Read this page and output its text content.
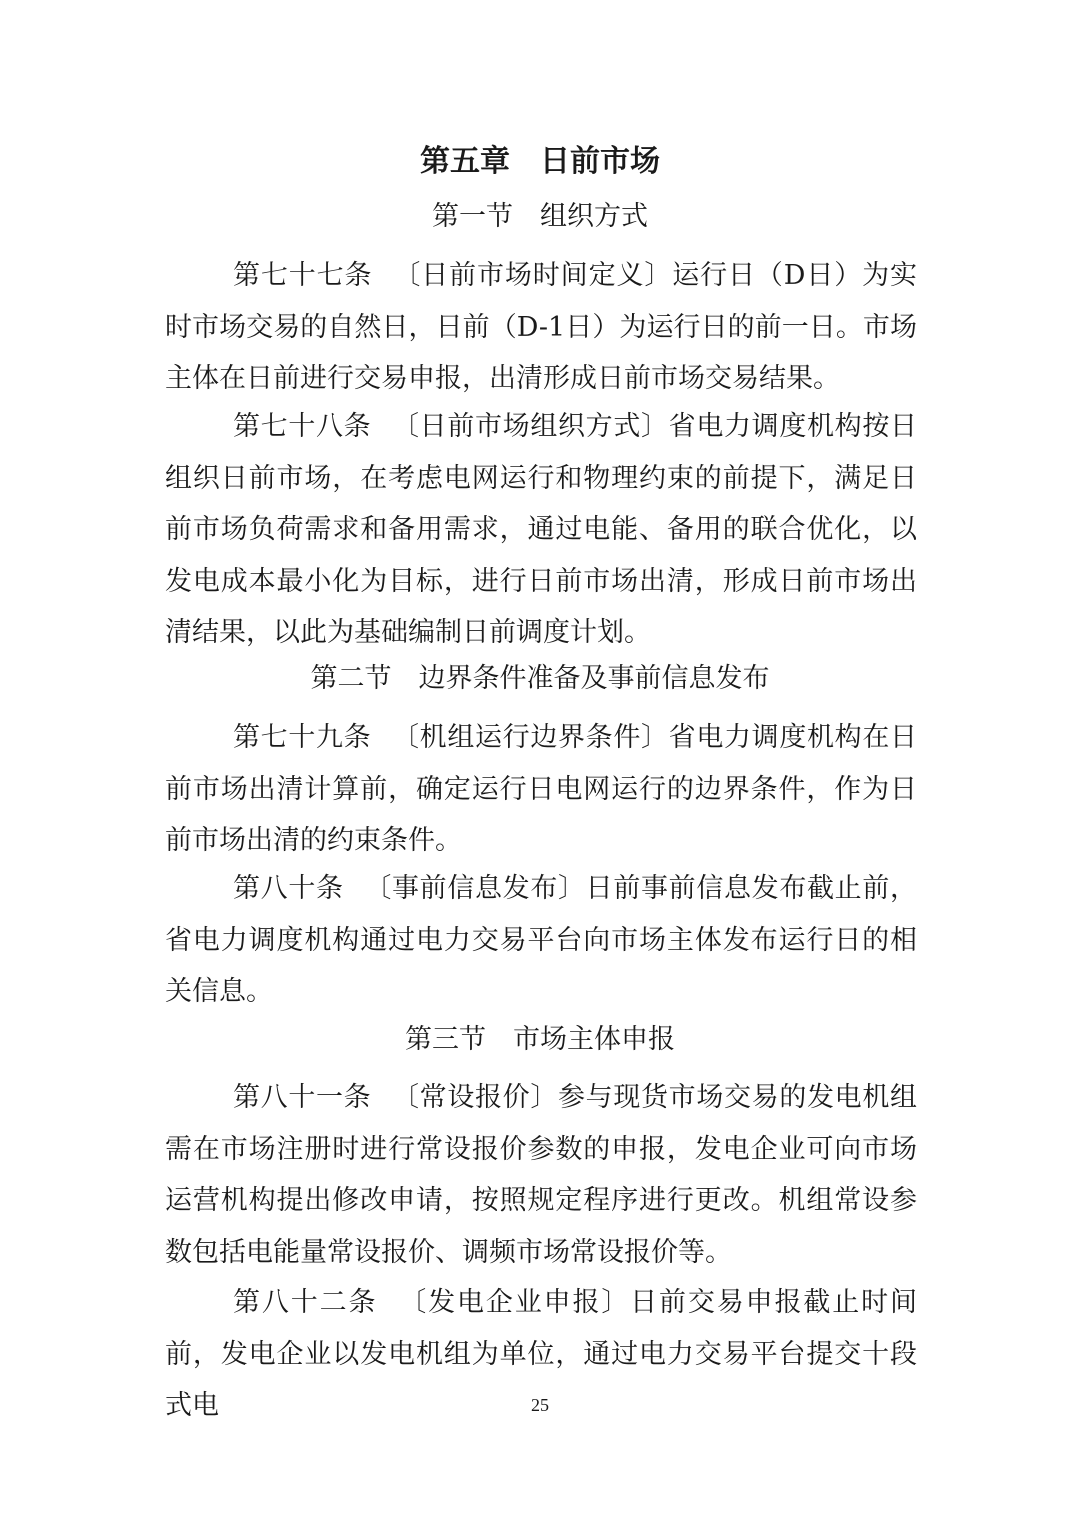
第五章　日前市场
第一节　组织方式

第七十七条 〔日前市场时间定义〕运行日（D日）为实时市场交易的自然日，日前（D-1日）为运行日的前一日。市场主体在日前进行交易申报，出清形成日前市场交易结果。

第七十八条 〔日前市场组织方式〕省电力调度机构按日组织日前市场，在考虑电网运行和物理约束的前提下，满足日前市场负荷需求和备用需求，通过电能、备用的联合优化，以发电成本最小化为目标，进行日前市场出清，形成日前市场出清结果，以此为基础编制日前调度计划。

第二节　边界条件准备及事前信息发布

第七十九条 〔机组运行边界条件〕省电力调度机构在日前市场出清计算前，确定运行日电网运行的边界条件，作为日前市场出清的约束条件。

第八十条 〔事前信息发布〕日前事前信息发布截止前，省电力调度机构通过电力交易平台向市场主体发布运行日的相关信息。

第三节　市场主体申报

第八十一条 〔常设报价〕参与现货市场交易的发电机组需在市场注册时进行常设报价参数的申报，发电企业可向市场运营机构提出修改申请，按照规定程序进行更改。机组常设参数包括电能量常设报价、调频市场常设报价等。

第八十二条 〔发电企业申报〕日前交易申报截止时间前，发电企业以发电机组为单位，通过电力交易平台提交十段式电	25
